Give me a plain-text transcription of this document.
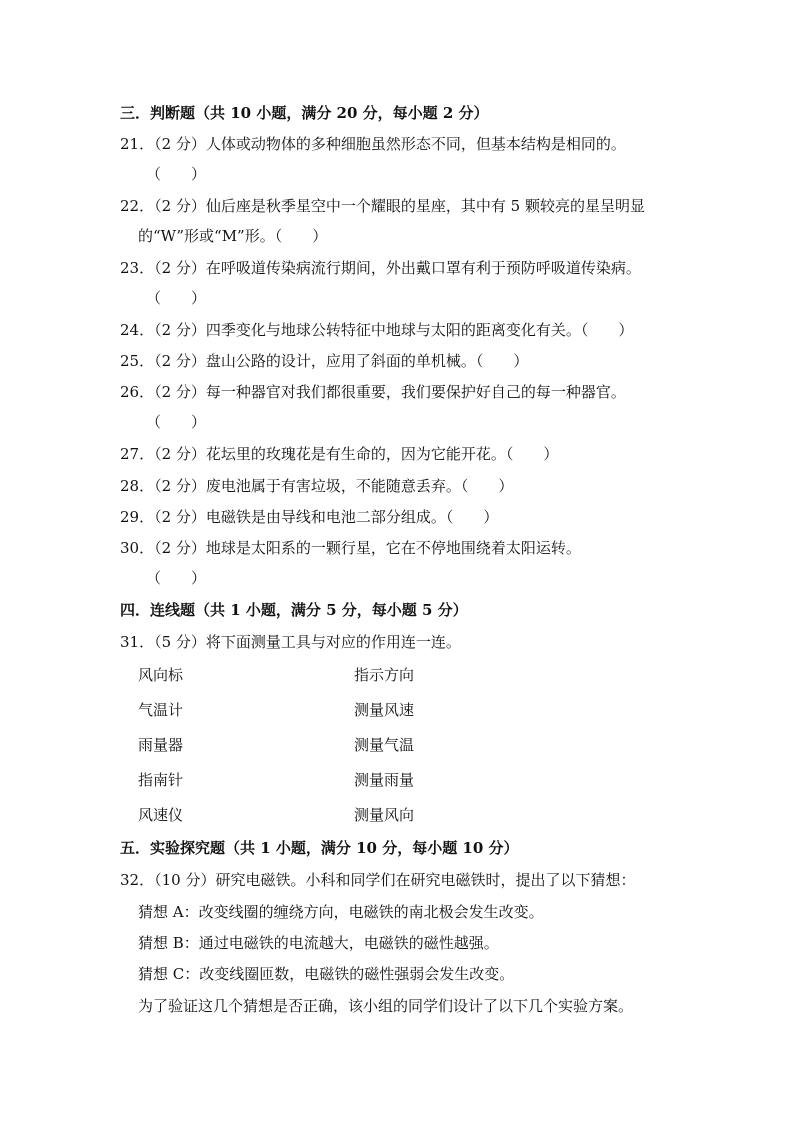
三．判断题（共 10 小题，满分 20 分，每小题 2 分）
21．（2 分）人体或动物体的多种细胞虽然形态不同，但基本结构是相同的。
（　　）
22．（2 分）仙后座是秋季星空中一个耀眼的星座，其中有 5 颗较亮的星呈明显
的“W”形或“M”形。（　　）
23．（2 分）在呼吸道传染病流行期间，外出戴口罩有利于预防呼吸道传染病。
（　　）
24．（2 分）四季变化与地球公转特征中地球与太阳的距离变化有关。（　　）
25．（2 分）盘山公路的设计，应用了斜面的单机械。（　　）
26．（2 分）每一种器官对我们都很重要，我们要保护好自己的每一种器官。
（　　）
27．（2 分）花坛里的玫瑰花是有生命的，因为它能开花。（　　）
28．（2 分）废电池属于有害垃圾，不能随意丢弃。（　　）
29．（2 分）电磁铁是由导线和电池二部分组成。（　　）
30．（2 分）地球是太阳系的一颗行星，它在不停地围绕着太阳运转。
（　　）
四．连线题（共 1 小题，满分 5 分，每小题 5 分）
31．（5 分）将下面测量工具与对应的作用连一连。
风向标	指示方向
气温计	测量风速
雨量器	测量气温
指南针	测量雨量
风速仪	测量风向
五．实验探究题（共 1 小题，满分 10 分，每小题 10 分）
32．（10 分）研究电磁铁。小科和同学们在研究电磁铁时，提出了以下猜想：
猜想 A：改变线圈的缠绕方向，电磁铁的南北极会发生改变。
猜想 B：通过电磁铁的电流越大，电磁铁的磁性越强。
猜想 C：改变线圈匝数，电磁铁的磁性强弱会发生改变。
为了验证这几个猜想是否正确，该小组的同学们设计了以下几个实验方案。
